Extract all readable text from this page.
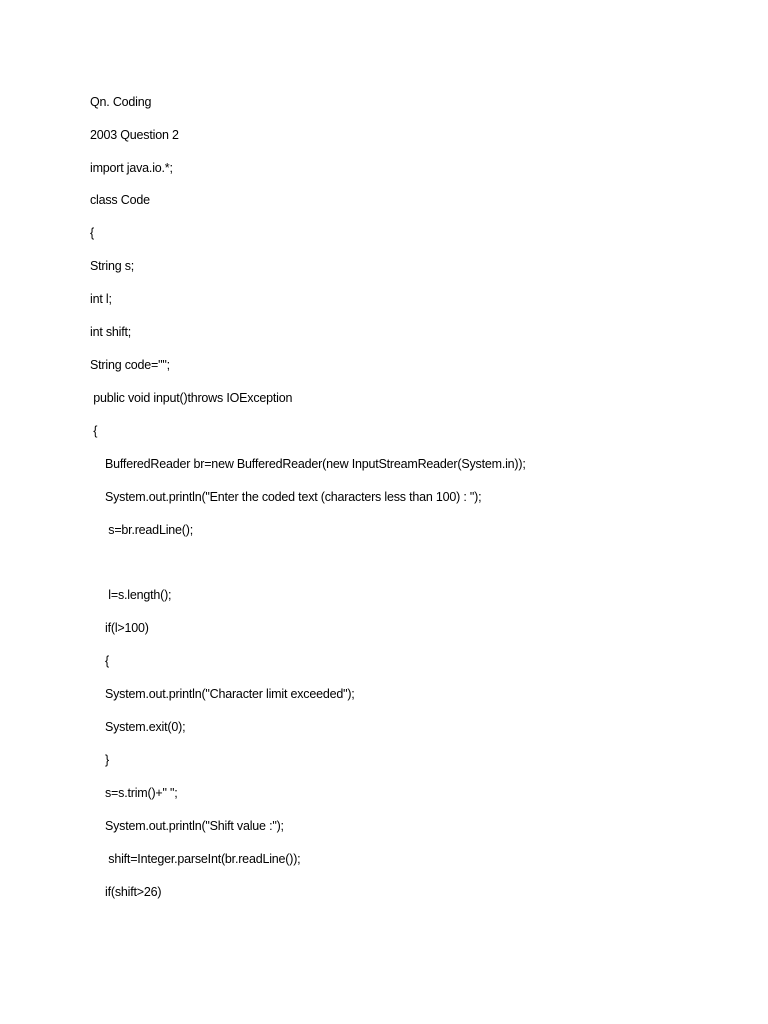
Qn. Coding
2003 Question 2
import java.io.*;
class Code
{
String s;
int l;
int shift;
String code="";
public void input()throws IOException
{
BufferedReader br=new BufferedReader(new InputStreamReader(System.in));
System.out.println("Enter the coded text (characters less than 100) : ");
s=br.readLine();
l=s.length();
if(l>100)
{
System.out.println("Character limit exceeded");
System.exit(0);
}
s=s.trim()+" ";
System.out.println("Shift value :");
shift=Integer.parseInt(br.readLine());
if(shift>26)
